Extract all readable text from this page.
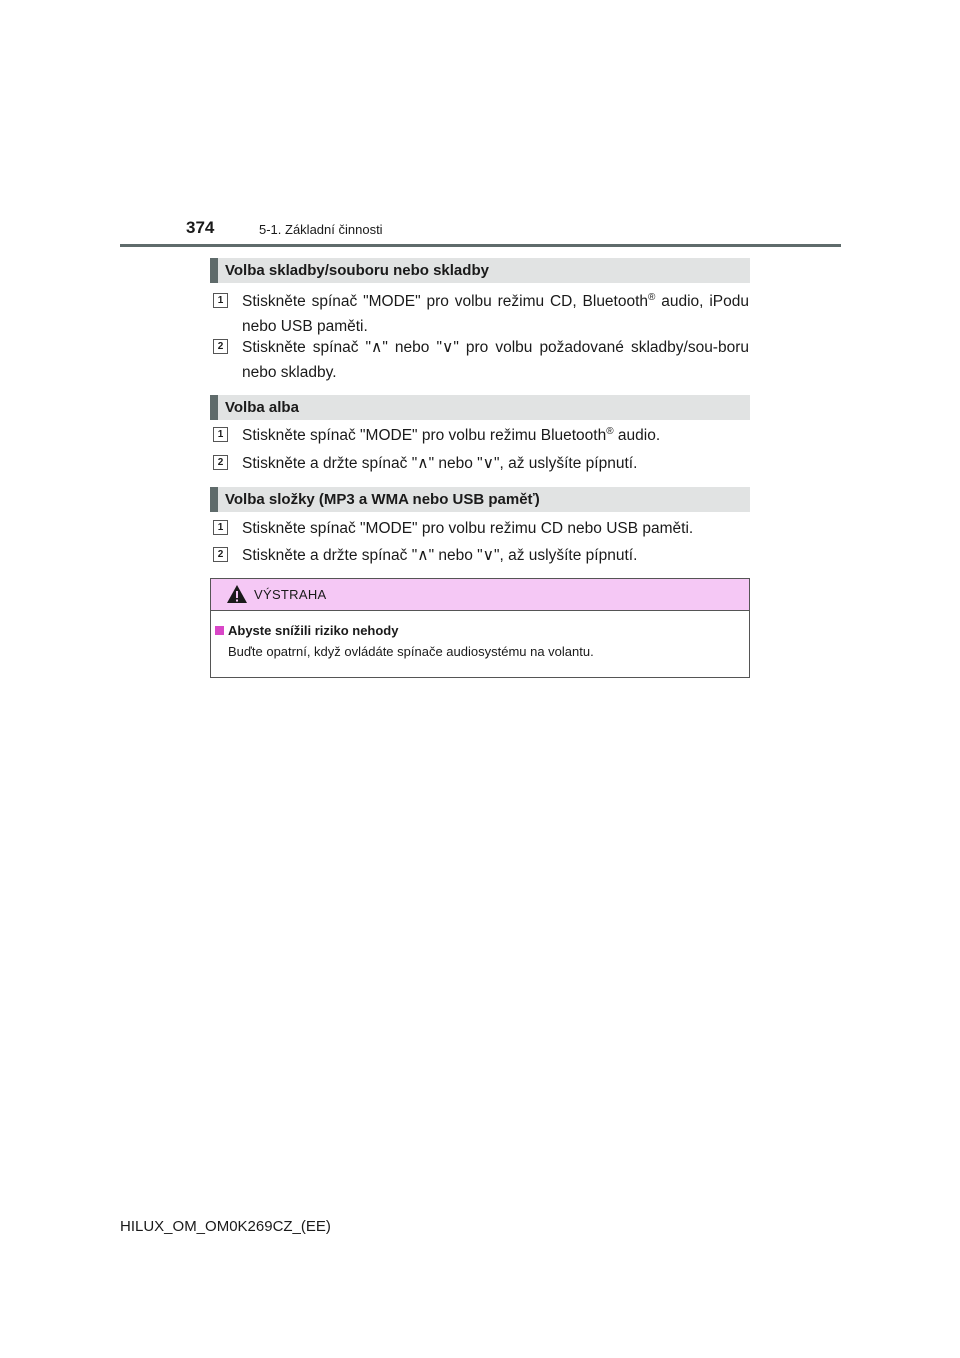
374	5-1. Základní činnosti
Volba skladby/souboru nebo skladby
1	Stiskněte spínač "MODE" pro volbu režimu CD, Bluetooth® audio, iPodu nebo USB paměti.
2	Stiskněte spínač "∧" nebo "∨" pro volbu požadované skladby/sou-boru nebo skladby.
Volba alba
1	Stiskněte spínač "MODE" pro volbu režimu Bluetooth® audio.
2	Stiskněte a držte spínač "∧" nebo "∨", až uslyšíte pípnutí.
Volba složky (MP3 a WMA nebo USB paměť)
1	Stiskněte spínač "MODE" pro volbu režimu CD nebo USB paměti.
2	Stiskněte a držte spínač "∧" nebo "∨", až uslyšíte pípnutí.
VÝSTRAHA
Abyste snížili riziko nehody
Buďte opatrní, když ovládáte spínače audiosystému na volantu.
HILUX_OM_OM0K269CZ_(EE)
